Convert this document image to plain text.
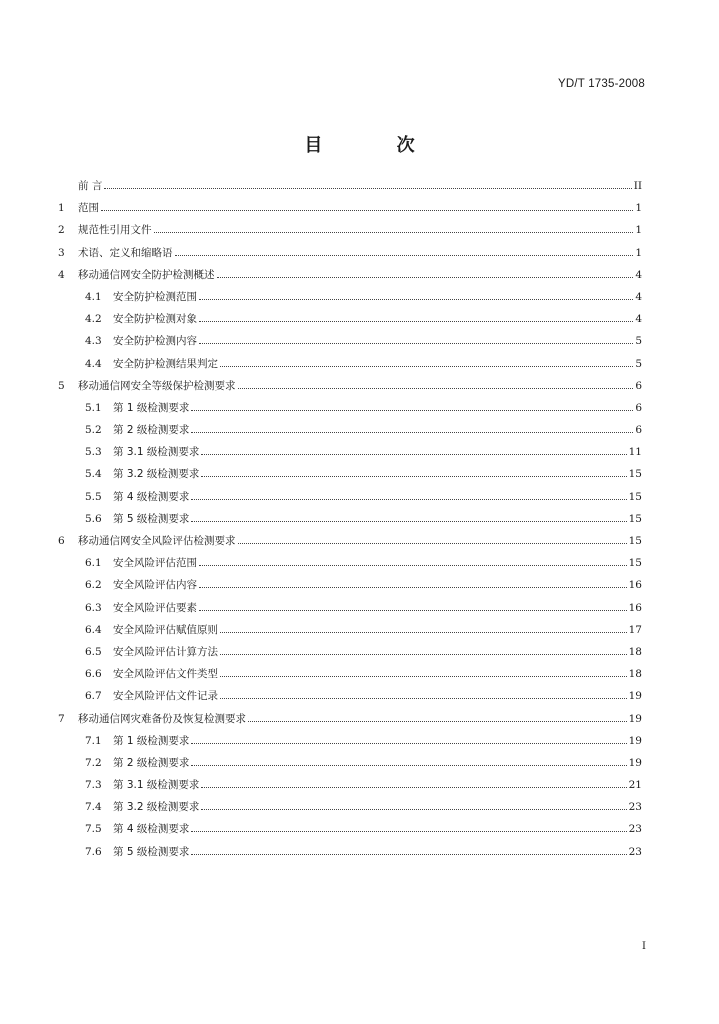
YD/T 1735-2008
目 次
前 言	II
1	范围	1
2	规范性引用文件	1
3	术语、定义和缩略语	1
4	移动通信网安全防护检测概述	4
4.1	安全防护检测范围	4
4.2	安全防护检测对象	4
4.3	安全防护检测内容	5
4.4	安全防护检测结果判定	5
5	移动通信网安全等级保护检测要求	6
5.1	第 1 级检测要求	6
5.2	第 2 级检测要求	6
5.3	第 3.1 级检测要求	11
5.4	第 3.2 级检测要求	15
5.5	第 4 级检测要求	15
5.6	第 5 级检测要求	15
6	移动通信网安全风险评估检测要求	15
6.1	安全风险评估范围	15
6.2	安全风险评估内容	16
6.3	安全风险评估要素	16
6.4	安全风险评估赋值原则	17
6.5	安全风险评估计算方法	18
6.6	安全风险评估文件类型	18
6.7	安全风险评估文件记录	19
7	移动通信网灾难备份及恢复检测要求	19
7.1	第 1 级检测要求	19
7.2	第 2 级检测要求	19
7.3	第 3.1 级检测要求	21
7.4	第 3.2 级检测要求	23
7.5	第 4 级检测要求	23
7.6	第 5 级检测要求	23
I
